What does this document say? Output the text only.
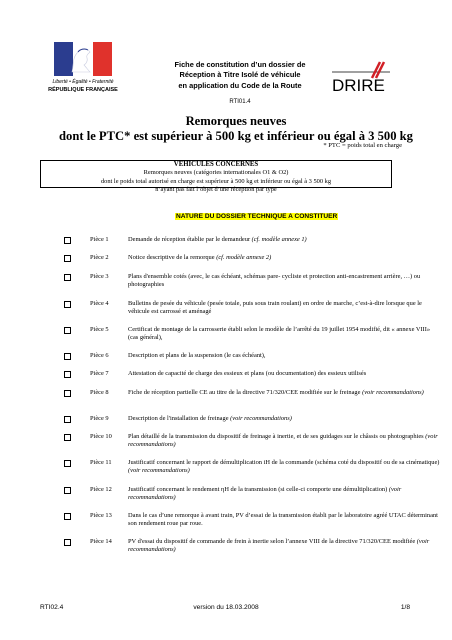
Liberté • Égalité • Fraternité
RÉPUBLIQUE FRANÇAISE
Fiche de constitution d’un dossier de
Réception à Titre Isolé de véhicule
en application du Code de la Route
RTI01.4
DRIRE
Remorques neuves
dont le PTC* est supérieur à 500 kg et inférieur ou égal à 3 500 kg
* PTC = poids total en charge
VEHICULES CONCERNES
Remorques neuves (catégories internationales O1 & O2)
dont le poids total autorisé en charge est supérieur à 500 kg et inférieur ou égal à 3 500 kg
n’ayant pas fait l’objet d’une réception par type
NATURE DU DOSSIER TECHNIQUE A CONSTITUER
Pièce 1	Demande de réception établie par le demandeur (cf. modèle annexe 1)
Pièce 2	Notice descriptive de la remorque (cf. modèle annexe 2)
Pièce 3	Plans d'ensemble cotés (avec, le cas échéant, schémas pare- cycliste et protection anti-encastrement arrière, …) ou photographies
Pièce 4	Bulletins de pesée du véhicule (pesée totale, puis sous train roulant) en ordre de marche, c’est-à-dire lorsque que le véhicule est carrossé et aménagé
Pièce 5	Certificat de montage de la carrosserie établi selon le modèle de l’arrêté du 19 juillet 1954 modifié, dit « annexe VIII» (cas général),
Pièce 6	Description et plans de la suspension (le cas échéant),
Pièce 7	Attestation de capacité de charge des essieux et plans (ou documentation) des essieux utilisés
Pièce 8	Fiche de réception partielle CE au titre de la directive 71/320/CEE modifiée sur le freinage (voir recommandations)
Pièce 9	Description de l'installation de freinage (voir recommandations)
Pièce 10	Plan détaillé de la transmission du dispositif de freinage à inertie, et de ses guidages sur le châssis ou photographies (voir recommandations)
Pièce 11	Justificatif concernant le rapport de démultiplication iH de la commande (schéma coté du dispositif ou de sa cinématique) (voir recommandations)
Pièce 12	Justificatif concernant le rendement ηH de la transmission (si celle-ci comporte une démultiplication) (voir recommandations)
Pièce 13	Dans le cas d’une remorque à avant train, PV d’essai de la transmission établi par le laboratoire agréé UTAC déterminant son rendement roue par roue.
Pièce 14	PV d'essai du dispositif de commande de frein à inertie selon l’annexe VIII de la directive 71/320/CEE modifiée (voir recommandations)
RTI02.4	version du 18.03.2008	1/8
